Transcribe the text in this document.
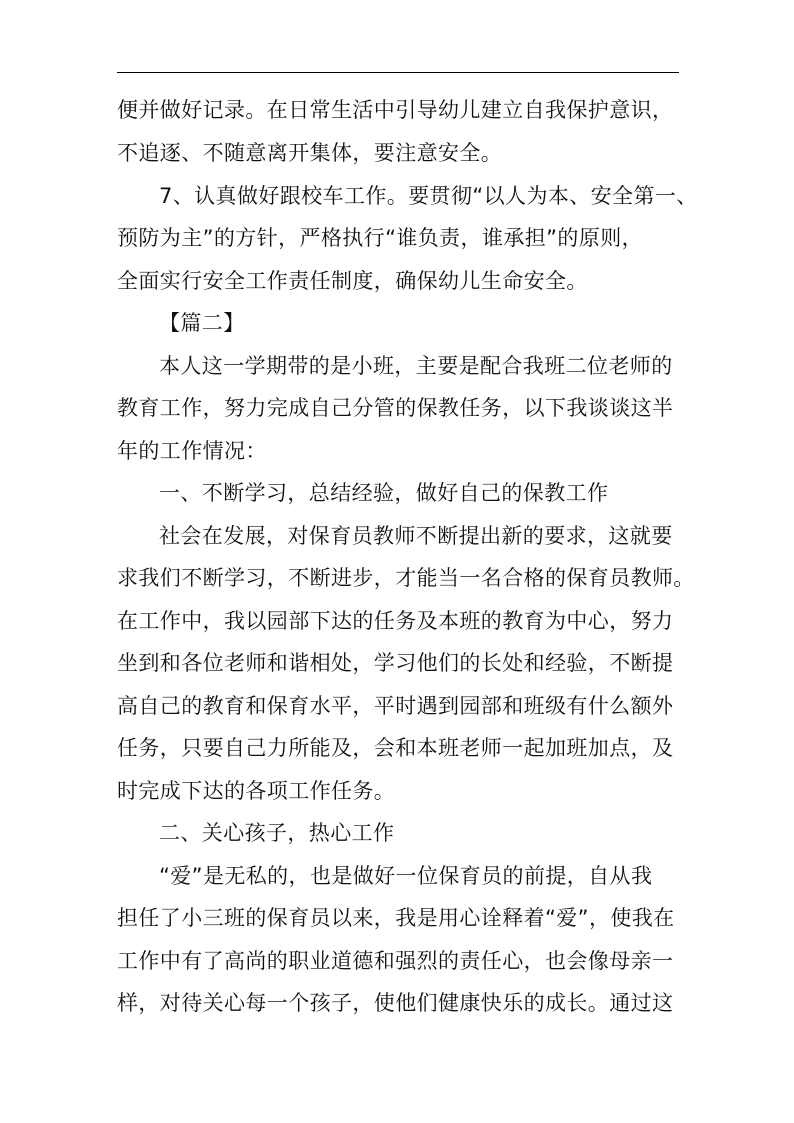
便并做好记录。在日常生活中引导幼儿建立自我保护意识，
不追逐、不随意离开集体，要注意安全。
7、认真做好跟校车工作。要贯彻“以人为本、安全第一、
预防为主”的方针，严格执行“谁负责，谁承担”的原则，
全面实行安全工作责任制度，确保幼儿生命安全。
【篇二】
本人这一学期带的是小班，主要是配合我班二位老师的
教育工作，努力完成自己分管的保教任务，以下我谈谈这半
年的工作情况：
一、不断学习，总结经验，做好自己的保教工作
社会在发展，对保育员教师不断提出新的要求，这就要
求我们不断学习，不断进步，才能当一名合格的保育员教师。
在工作中，我以园部下达的任务及本班的教育为中心，努力
坐到和各位老师和谐相处，学习他们的长处和经验，不断提
高自己的教育和保育水平，平时遇到园部和班级有什么额外
任务，只要自己力所能及，会和本班老师一起加班加点，及
时完成下达的各项工作任务。
二、关心孩子，热心工作
“爱”是无私的，也是做好一位保育员的前提，自从我
担任了小三班的保育员以来，我是用心诠释着“爱”，使我在
工作中有了高尚的职业道德和强烈的责任心，也会像母亲一
样，对待关心每一个孩子，使他们健康快乐的成长。通过这
